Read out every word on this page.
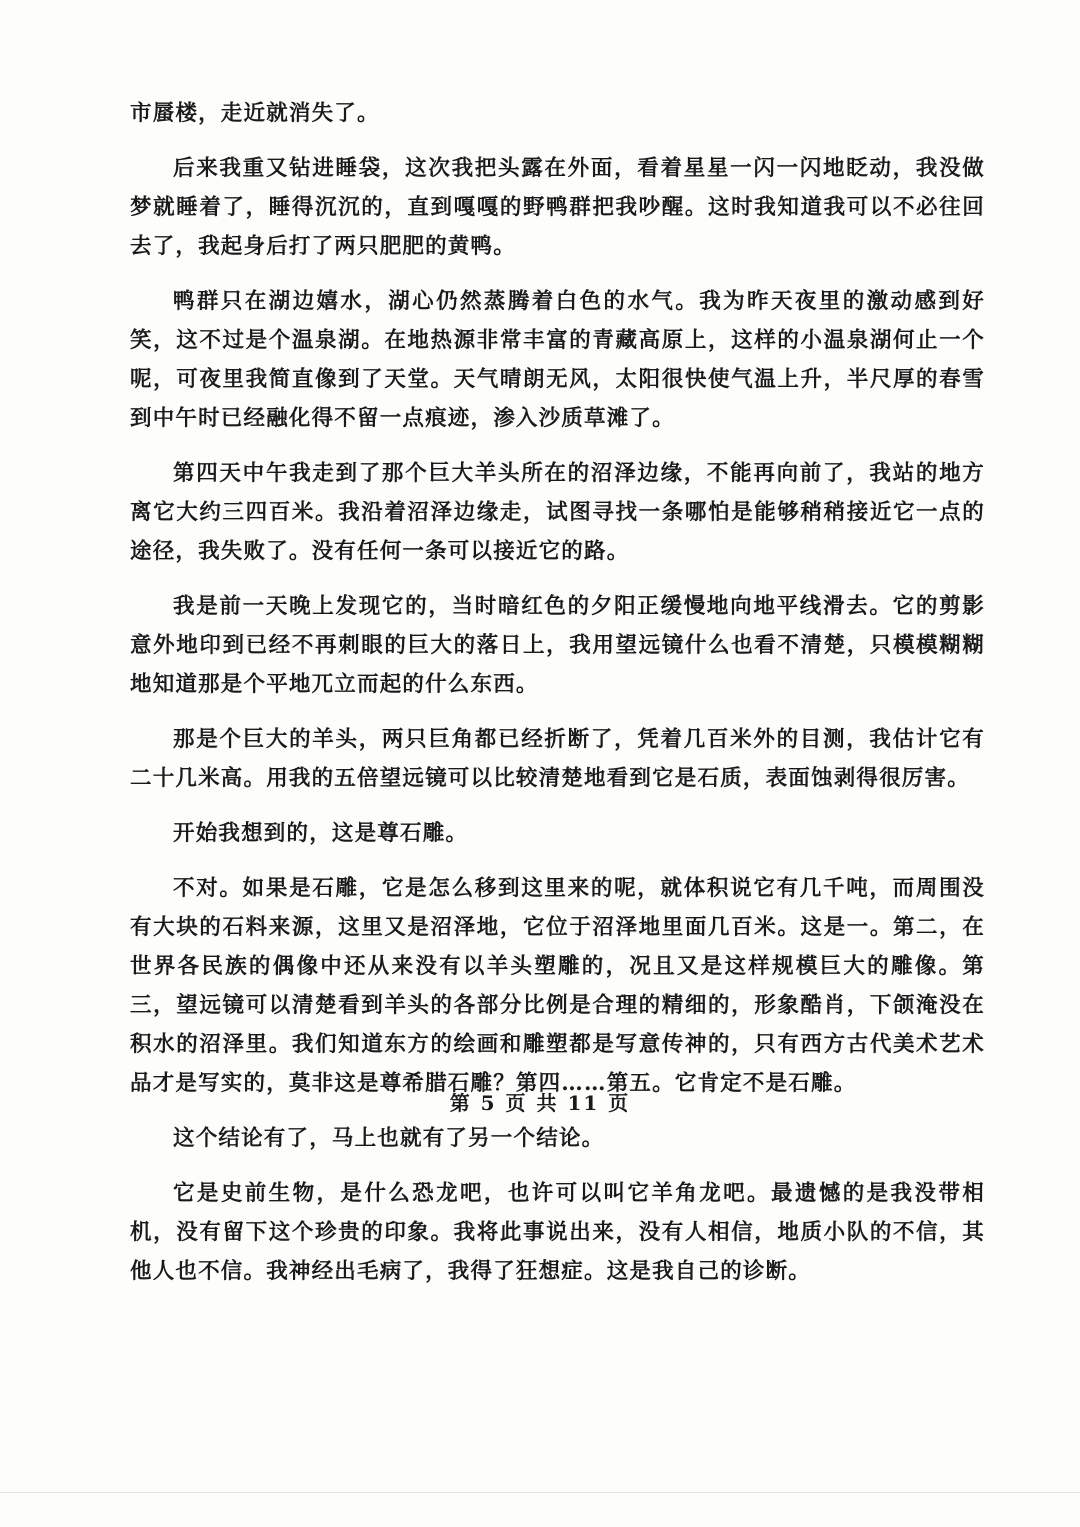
市蜃楼，走近就消失了。

后来我重又钻进睡袋，这次我把头露在外面，看着星星一闪一闪地眨动，我没做梦就睡着了，睡得沉沉的，直到嘎嘎的野鸭群把我吵醒。这时我知道我可以不必往回去了，我起身后打了两只肥肥的黄鸭。

鸭群只在湖边嬉水，湖心仍然蒸腾着白色的水气。我为昨天夜里的激动感到好笑，这不过是个温泉湖。在地热源非常丰富的青藏高原上，这样的小温泉湖何止一个呢，可夜里我简直像到了天堂。天气晴朗无风，太阳很快使气温上升，半尺厚的春雪到中午时已经融化得不留一点痕迹，渗入沙质草滩了。

第四天中午我走到了那个巨大羊头所在的沼泽边缘，不能再向前了，我站的地方离它大约三四百米。我沿着沼泽边缘走，试图寻找一条哪怕是能够稍稍接近它一点的途径，我失败了。没有任何一条可以接近它的路。

我是前一天晚上发现它的，当时暗红色的夕阳正缓慢地向地平线滑去。它的剪影意外地印到已经不再刺眼的巨大的落日上，我用望远镜什么也看不清楚，只模模糊糊地知道那是个平地兀立而起的什么东西。

那是个巨大的羊头，两只巨角都已经折断了，凭着几百米外的目测，我估计它有二十几米高。用我的五倍望远镜可以比较清楚地看到它是石质，表面蚀剥得很厉害。

开始我想到的，这是尊石雕。

不对。如果是石雕，它是怎么移到这里来的呢，就体积说它有几千吨，而周围没有大块的石料来源，这里又是沼泽地，它位于沼泽地里面几百米。这是一。第二，在世界各民族的偶像中还从来没有以羊头塑雕的，况且又是这样规模巨大的雕像。第三，望远镜可以清楚看到羊头的各部分比例是合理的精细的，形象酷肖，下颌淹没在积水的沼泽里。我们知道东方的绘画和雕塑都是写意传神的，只有西方古代美术艺术品才是写实的，莫非这是尊希腊石雕？第四……第五。它肯定不是石雕。

这个结论有了，马上也就有了另一个结论。

它是史前生物，是什么恐龙吧，也许可以叫它羊角龙吧。最遗憾的是我没带相机，没有留下这个珍贵的印象。我将此事说出来，没有人相信，地质小队的不信，其他人也不信。我神经出毛病了，我得了狂想症。这是我自己的诊断。

第 5 页 共 11 页
